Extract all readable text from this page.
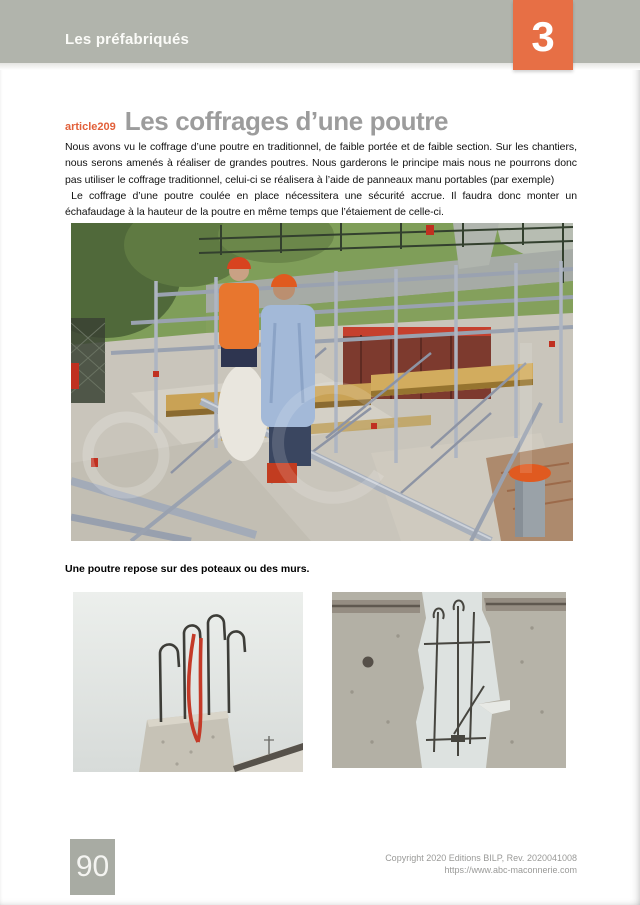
Les préfabriqués	3
article209 Les coffrages d’une poutre

Nous avons vu le coffrage d’une poutre en traditionnel, de faible portée et de faible section. Sur les chantiers, nous serons amenés à réaliser de grandes poutres. Nous garderons le principe mais nous ne pourrons donc pas utiliser le coffrage traditionnel, celui-ci se réalisera à l’aide de panneaux manu portables (par exemple)

Le coffrage d’une poutre coulée en place nécessitera une sécurité accrue. Il faudra donc monter un échafaudage à la hauteur de la poutre en même temps que l’étaiement de celle-ci.

Une poutre repose sur des poteaux ou des murs.
90	Copyright 2020 Editions BILP, Rev. 2020041008
https://www.abc-maconnerie.com
